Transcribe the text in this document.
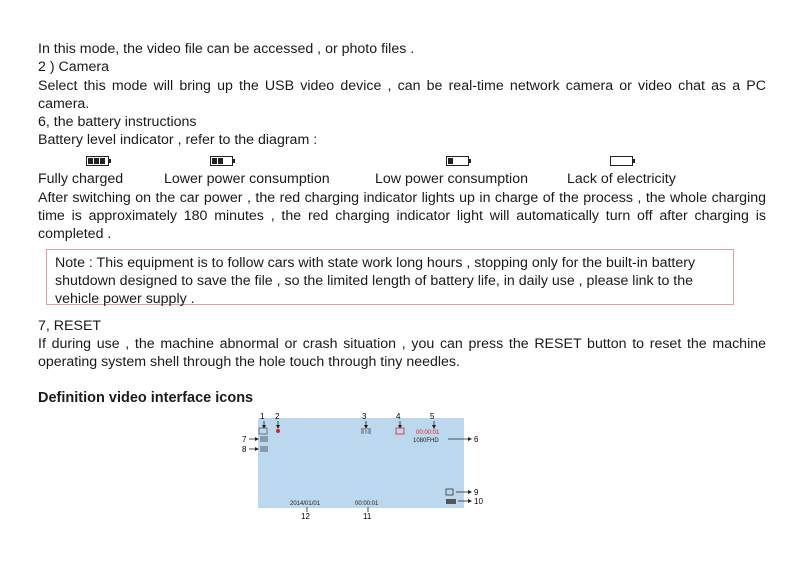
In this mode, the video file can be accessed , or photo files .
2 ) Camera
Select this mode will bring up the USB video device , can be real-time network camera or video chat as a PC camera.
6, the battery instructions
Battery level indicator , refer to the diagram :
Fully charged	Lower power consumption	Low power consumption	Lack of electricity
After switching on the car power , the red charging indicator lights up in charge of the process , the whole charging time is approximately 180 minutes , the red charging indicator light will automatically turn off after charging is completed .
Note : This equipment is to follow cars with state work long hours , stopping only for the built-in battery
shutdown designed to save the file , so the limited length of battery life, in daily use , please link to the
vehicle power supply .
7, RESET
If during use , the machine abnormal or crash situation , you can press the RESET button to reset the machine operating system shell through the hole touch through tiny needles.
Definition video interface icons
1 2	3	4	5
12	00:00:01
1080FHD	6
7
8
9
10
2014/01/01	00:00:01
12	11
